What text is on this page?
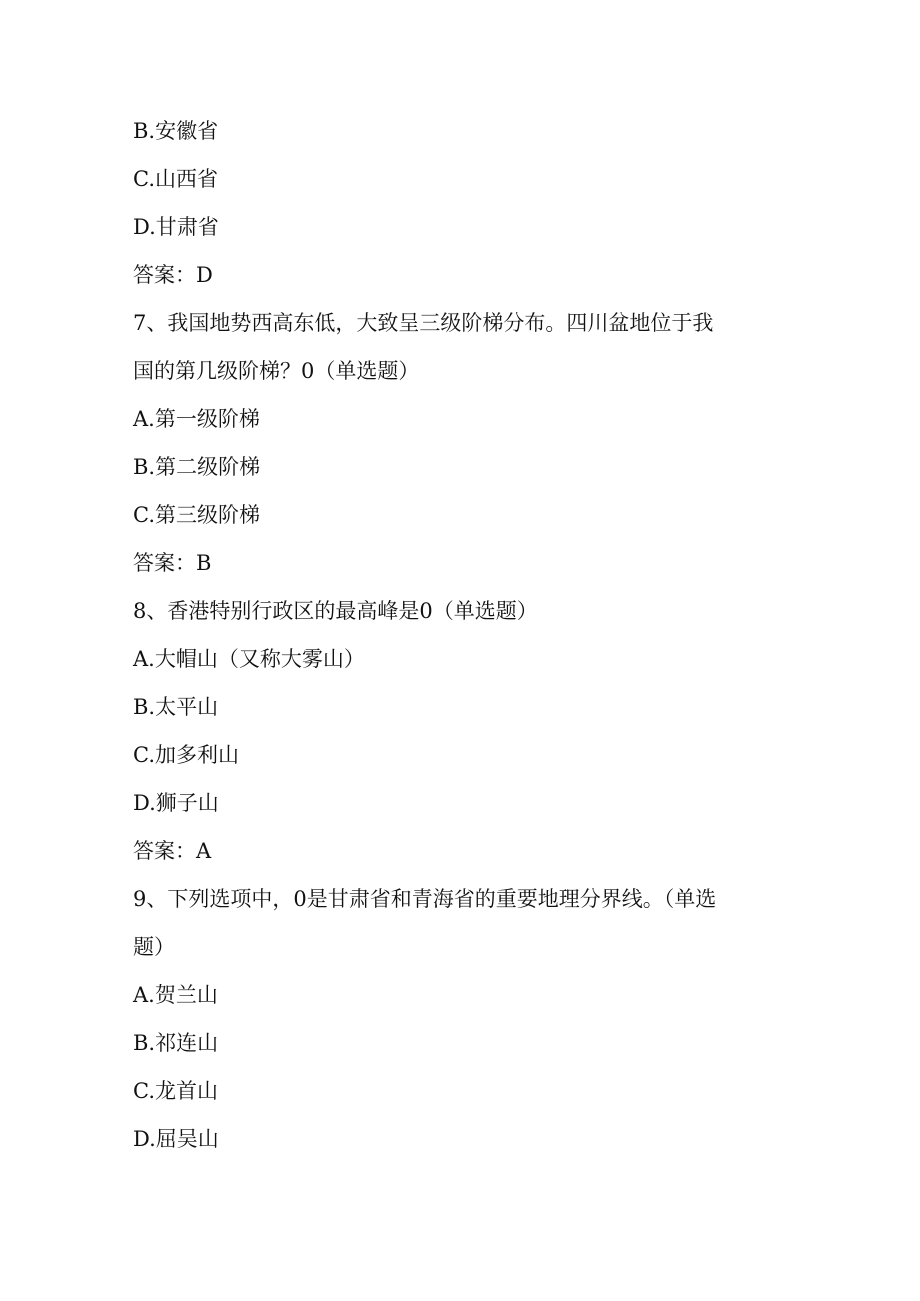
B.安徽省
C.山西省
D.甘肃省
答案：D
7、我国地势西高东低，大致呈三级阶梯分布。四川盆地位于我
国的第几级阶梯？0（单选题）
A.第一级阶梯
B.第二级阶梯
C.第三级阶梯
答案：B
8、香港特别行政区的最高峰是0（单选题）
A.大帽山（又称大雾山）
B.太平山
C.加多利山
D.狮子山
答案：A
9、下列选项中，0是甘肃省和青海省的重要地理分界线。（单选
题）
A.贺兰山
B.祁连山
C.龙首山
D.屈吴山
